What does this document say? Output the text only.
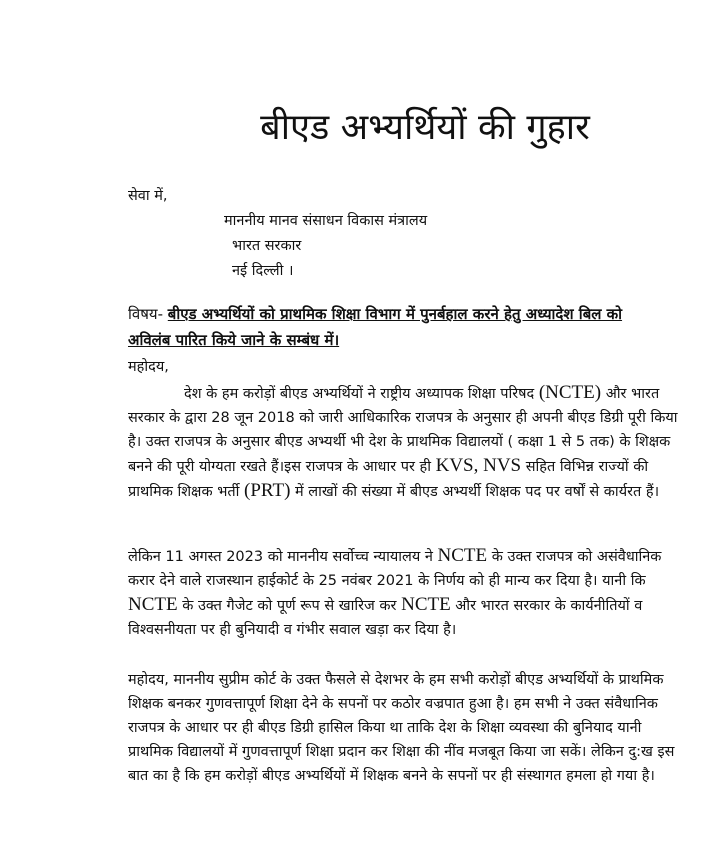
बीएड अभ्यर्थियों की गुहार
सेवा में,
माननीय मानव संसाधन विकास मंत्रालय
भारत सरकार
नई दिल्ली ।
विषय- बीएड अभ्यर्थियों को प्राथमिक शिक्षा विभाग में पुनर्बहाल करने हेतु अध्यादेश बिल को
अविलंब पारित किये जाने के सम्बंध में।
महोदय,

देश के हम करोड़ों बीएड अभ्यर्थियों ने राष्ट्रीय अध्यापक शिक्षा परिषद (NCTE) और भारत

सरकार के द्वारा 28 जून 2018 को जारी आधिकारिक राजपत्र के अनुसार ही अपनी बीएड डिग्री पूरी किया

है। उक्त राजपत्र के अनुसार बीएड अभ्यर्थी भी देश के प्राथमिक विद्यालयों ( कक्षा 1 से 5 तक) के शिक्षक

बनने की पूरी योग्यता रखते हैं।इस राजपत्र के आधार पर ही KVS, NVS सहित विभिन्न राज्यों की

प्राथमिक शिक्षक भर्ती (PRT) में लाखों की संख्या में बीएड अभ्यर्थी शिक्षक पद पर वर्षों से कार्यरत हैं।

लेकिन 11 अगस्त 2023 को माननीय सर्वोच्च न्यायालय ने NCTE के उक्त राजपत्र को असंवैधानिक

करार देने वाले राजस्थान हाईकोर्ट के 25 नवंबर 2021 के निर्णय को ही मान्य कर दिया है। यानी कि

NCTE के उक्त गैजेट को पूर्ण रूप से खारिज कर NCTE और भारत सरकार के कार्यनीतियों व

विश्वसनीयता पर ही बुनियादी व गंभीर सवाल खड़ा कर दिया है।

महोदय, माननीय सुप्रीम कोर्ट के उक्त फैसले से देशभर के हम सभी करोड़ों बीएड अभ्यर्थियों के प्राथमिक

शिक्षक बनकर गुणवत्तापूर्ण शिक्षा देने के सपनों पर कठोर वज्रपात हुआ है। हम सभी ने उक्त संवैधानिक

राजपत्र के आधार पर ही बीएड डिग्री हासिल किया था ताकि देश के शिक्षा व्यवस्था की बुनियाद यानी

प्राथमिक विद्यालयों में गुणवत्तापूर्ण शिक्षा प्रदान कर शिक्षा की नींव मजबूत किया जा सकें। लेकिन दु:ख इस

बात का है कि हम करोड़ों बीएड अभ्यर्थियों में शिक्षक बनने के सपनों पर ही संस्थागत हमला हो गया है।
